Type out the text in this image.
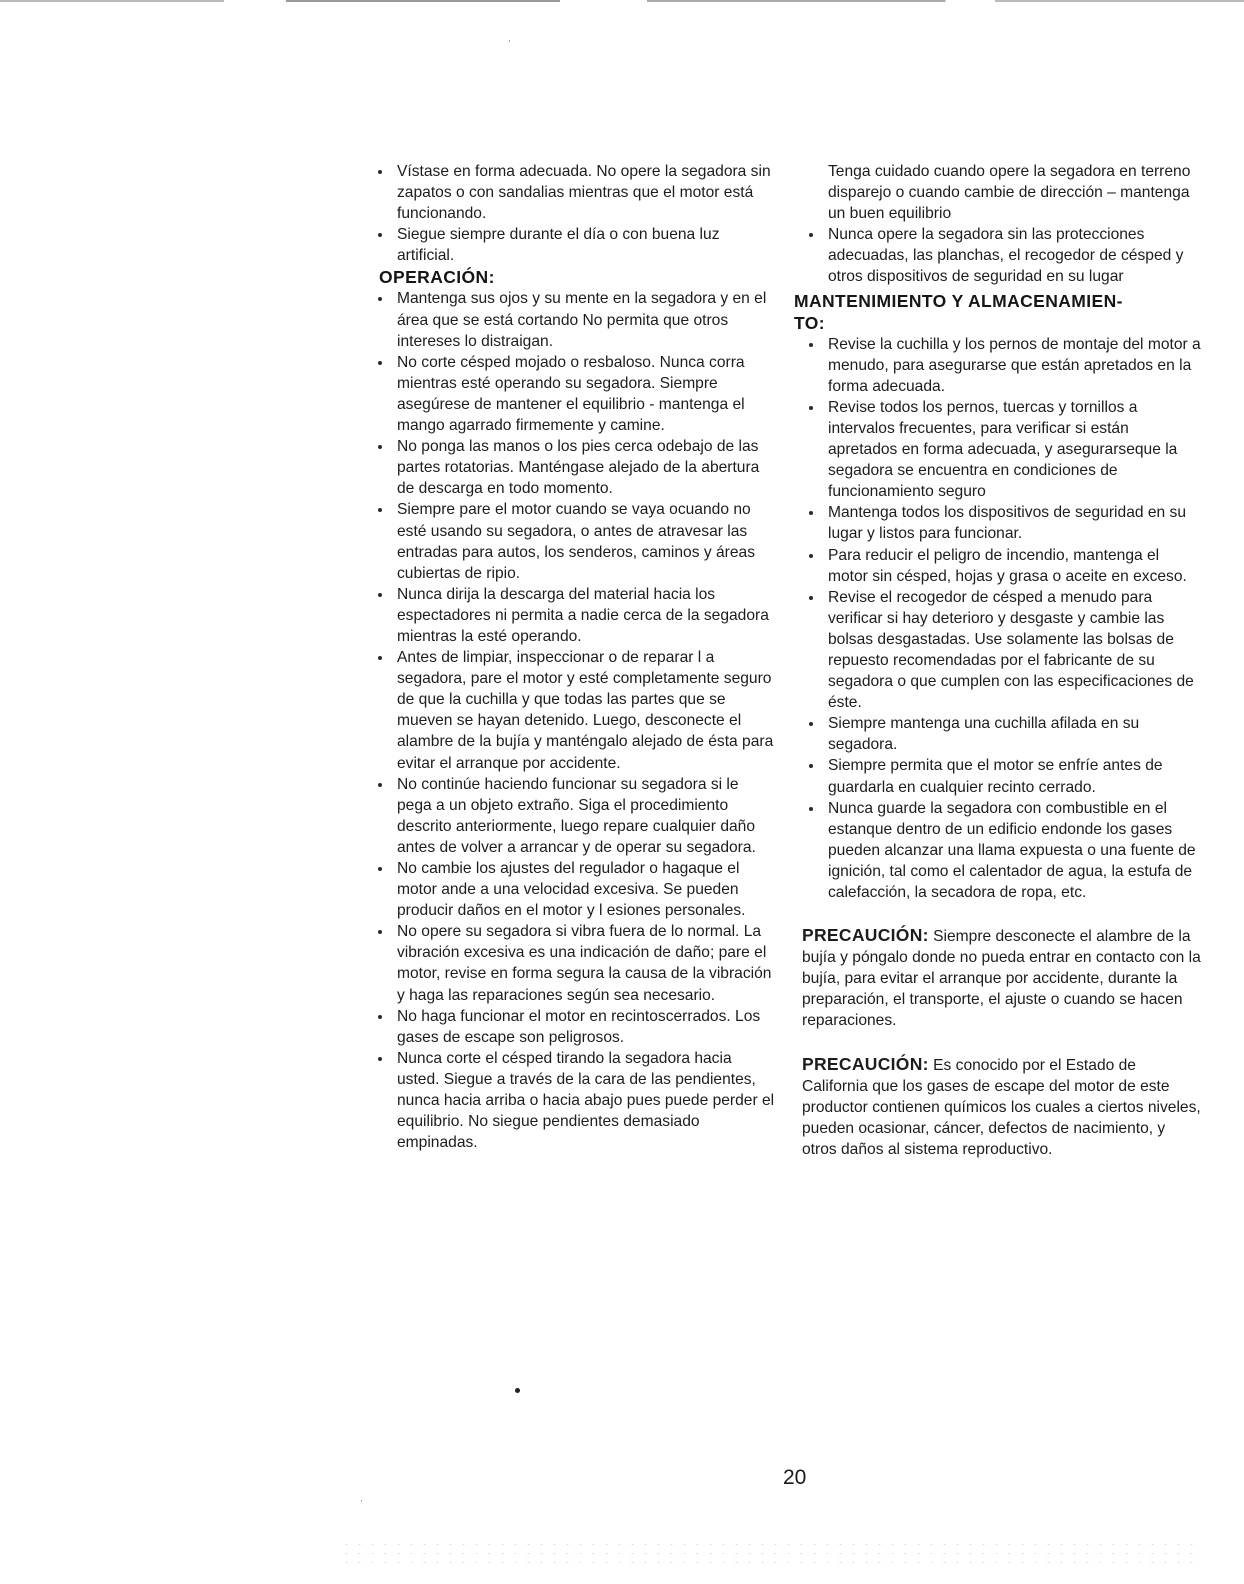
Vístase en forma adecuada. No opere la segadora sin zapatos o con sandalias mientras que el motor está funcionando.
Siegue siempre durante el día o con buena luz artificial.
OPERACIÓN:
Mantenga sus ojos y su mente en la segadora y en el área que se está cortando No permita que otros intereses lo distraigan.
No corte césped mojado o resbaloso. Nunca corra mientras esté operando su segadora. Siempre asegúrese de mantener el equilibrio - mantenga el mango agarrado firmemente y camine.
No ponga las manos o los pies cerca odebajo de las partes rotatorias. Manténgase alejado de la abertura de descarga en todo momento.
Siempre pare el motor cuando se vaya ocuando no esté usando su segadora, o antes de atravesar las entradas para autos, los senderos, caminos y áreas cubiertas de ripio.
Nunca dirija la descarga del material hacia los espectadores ni permita a nadie cerca de la segadora mientras la esté operando.
Antes de limpiar, inspeccionar o de reparar l a segadora, pare el motor y esté completamente seguro de que la cuchilla y que todas las partes que se mueven se hayan detenido. Luego, desconecte el alambre de la bujía y manténgalo alejado de ésta para evitar el arranque por accidente.
No continúe haciendo funcionar su segadora si le pega a un objeto extraño. Siga el procedimiento descrito anteriormente, luego repare cualquier daño antes de volver a arrancar y de operar su segadora.
No cambie los ajustes del regulador o hagaque el motor ande a una velocidad excesiva. Se pueden producir daños en el motor y l esiones personales.
No opere su segadora si vibra fuera de lo normal. La vibración excesiva es una indicación de daño; pare el motor, revise en forma segura la causa de la vibración y haga las reparaciones según sea necesario.
No haga funcionar el motor en recintoscerrados. Los gases de escape son peligrosos.
Nunca corte el césped tirando la segadora hacia usted. Siegue a través de la cara de las pendientes, nunca hacia arriba o hacia abajo pues puede perder el equilibrio. No siegue pendientes demasiado empinadas.

Tenga cuidado cuando opere la segadora en terreno disparejo o cuando cambie de dirección – mantenga un buen equilibrio

Nunca opere la segadora sin las protecciones adecuadas, las planchas, el recogedor de césped y otros dispositivos de seguridad en su lugar
MANTENIMIENTO Y ALMACENAMIEN-
TO:
Revise la cuchilla y los pernos de montaje del motor a menudo, para asegurarse que están apretados en la forma adecuada.
Revise todos los pernos, tuercas y tornillos a intervalos frecuentes, para verificar si están apretados en forma adecuada, y asegurarseque la segadora se encuentra en condiciones de funcionamiento seguro
Mantenga todos los dispositivos de seguridad en su lugar y listos para funcionar.
Para reducir el peligro de incendio, mantenga el motor sin césped, hojas y grasa o aceite en exceso.
Revise el recogedor de césped a menudo para verificar si hay deterioro y desgaste y cambie las bolsas desgastadas. Use solamente las bolsas de repuesto recomendadas por el fabricante de su segadora o que cumplen con las especificaciones de éste.
Siempre mantenga una cuchilla afilada en su segadora.
Siempre permita que el motor se enfríe antes de guardarla en cualquier recinto cerrado.
Nunca guarde la segadora con combustible en el estanque dentro de un edificio endonde los gases pueden alcanzar una llama expuesta o una fuente de ignición, tal como el calentador de agua, la estufa de calefacción, la secadora de ropa, etc.

PRECAUCIÓN: Siempre desconecte el alambre de la bujía y póngalo donde no pueda entrar en contacto con la bujía, para evitar el arranque por accidente, durante la preparación, el transporte, el ajuste o cuando se hacen reparaciones.

PRECAUCIÓN: Es conocido por el Estado de California que los gases de escape del motor de este productor contienen químicos los cuales a ciertos niveles, pueden ocasionar, cáncer, defectos de nacimiento, y otros daños al sistema reproductivo.

20
